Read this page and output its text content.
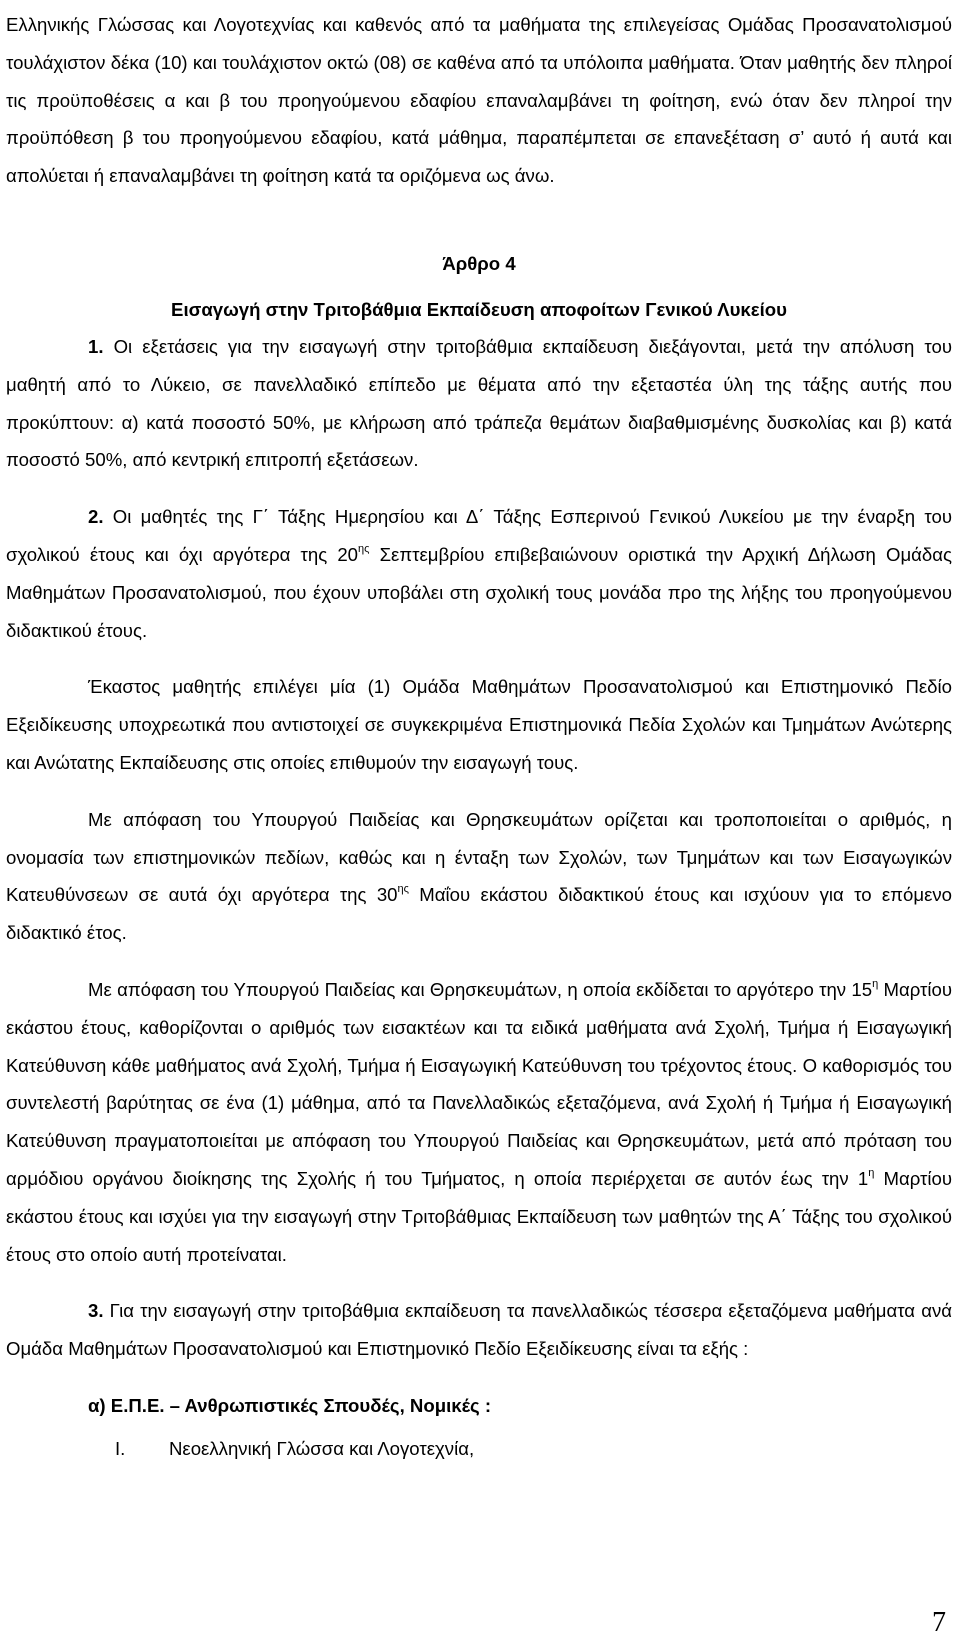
Ελληνικής Γλώσσας και Λογοτεχνίας και καθενός από τα μαθήματα της επιλεγείσας Ομάδας Προσανατολισμού τουλάχιστον δέκα (10) και τουλάχιστον οκτώ (08) σε καθένα από τα υπόλοιπα μαθήματα. Όταν μαθητής δεν πληροί τις προϋποθέσεις α και β του προηγούμενου εδαφίου επαναλαμβάνει τη φοίτηση, ενώ όταν δεν πληροί την προϋπόθεση β του προηγούμενου εδαφίου, κατά μάθημα, παραπέμπεται σε επανεξέταση σ’ αυτό ή αυτά και απολύεται ή επαναλαμβάνει τη φοίτηση κατά τα οριζόμενα ως άνω.

Άρθρο 4
Εισαγωγή στην Τριτοβάθμια Εκπαίδευση αποφοίτων Γενικού Λυκείου

1. Οι εξετάσεις για την εισαγωγή στην τριτοβάθμια εκπαίδευση διεξάγονται, μετά την απόλυση του μαθητή από το Λύκειο, σε πανελλαδικό επίπεδο με θέματα από την εξεταστέα ύλη της τάξης αυτής που προκύπτουν: α) κατά ποσοστό 50%, με κλήρωση από τράπεζα θεμάτων διαβαθμισμένης δυσκολίας και β) κατά ποσοστό 50%, από κεντρική επιτροπή εξετάσεων.

2. Οι μαθητές της Γ΄ Τάξης Ημερησίου και Δ΄ Τάξης Εσπερινού Γενικού Λυκείου με την έναρξη του σχολικού έτους και όχι αργότερα της $20^{\eta\varsigma}$ Σεπτεμβρίου επιβεβαιώνουν οριστικά την Αρχική Δήλωση Ομάδας Μαθημάτων Προσανατολισμού, που έχουν υποβάλει στη σχολική τους μονάδα προ της λήξης του προηγούμενου διδακτικού έτους.

Έκαστος μαθητής επιλέγει μία (1) Ομάδα Μαθημάτων Προσανατολισμού και Επιστημονικό Πεδίο Εξειδίκευσης υποχρεωτικά που αντιστοιχεί σε συγκεκριμένα Επιστημονικά Πεδία Σχολών και Τμημάτων Ανώτερης και Ανώτατης Εκπαίδευσης στις οποίες επιθυμούν την εισαγωγή τους.

Με απόφαση του Υπουργού Παιδείας και Θρησκευμάτων ορίζεται και τροποποιείται ο αριθμός, η ονομασία των επιστημονικών πεδίων, καθώς και η ένταξη των Σχολών, των Τμημάτων και των Εισαγωγικών Κατευθύνσεων σε αυτά όχι αργότερα της $30^{\eta\varsigma}$ Μαΐου εκάστου διδακτικού έτους και ισχύουν για το επόμενο διδακτικό έτος.

Με απόφαση του Υπουργού Παιδείας και Θρησκευμάτων, η οποία εκδίδεται το αργότερο την $15^\eta$ Μαρτίου εκάστου έτους, καθορίζονται ο αριθμός των εισακτέων και τα ειδικά μαθήματα ανά Σχολή, Τμήμα ή Εισαγωγική Κατεύθυνση κάθε μαθήματος ανά Σχολή, Τμήμα ή Εισαγωγική Κατεύθυνση του τρέχοντος έτους. Ο καθορισμός του συντελεστή βαρύτητας σε ένα (1) μάθημα, από τα Πανελλαδικώς εξεταζόμενα, ανά Σχολή ή Τμήμα ή Εισαγωγική Κατεύθυνση πραγματοποιείται με απόφαση του Υπουργού Παιδείας και Θρησκευμάτων, μετά από πρόταση του αρμόδιου οργάνου διοίκησης της Σχολής ή του Τμήματος, η οποία περιέρχεται σε αυτόν έως την $1^\eta$ Μαρτίου εκάστου έτους και ισχύει για την εισαγωγή στην Τριτοβάθμιας Εκπαίδευση των μαθητών της Α΄ Τάξης του σχολικού έτους στο οποίο αυτή προτείναται.

3. Για την εισαγωγή στην τριτοβάθμια εκπαίδευση τα πανελλαδικώς τέσσερα εξεταζόμενα μαθήματα ανά Ομάδα Μαθημάτων Προσανατολισμού και Επιστημονικό Πεδίο Εξειδίκευσης είναι τα εξής :

α) Ε.Π.Ε. – Ανθρωπιστικές Σπουδές, Νομικές :
I.	Νεοελληνική Γλώσσα και Λογοτεχνία,
7
